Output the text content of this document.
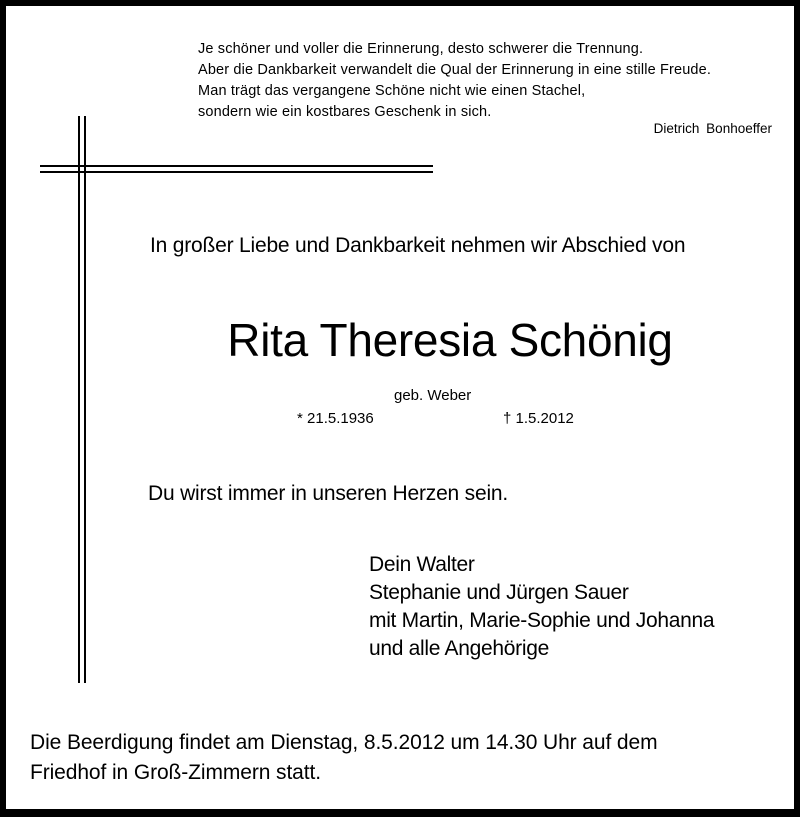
Je schöner und voller die Erinnerung, desto schwerer die Trennung.
Aber die Dankbarkeit verwandelt die Qual der Erinnerung in eine stille Freude.
Man trägt das vergangene Schöne nicht wie einen Stachel,
sondern wie ein kostbares Geschenk in sich.
Dietrich Bonhoeffer
In großer Liebe und Dankbarkeit nehmen wir Abschied von
Rita Theresia Schönig
geb. Weber
* 21.5.1936	† 1.5.2012
Du wirst immer in unseren Herzen sein.
Dein Walter
Stephanie und Jürgen Sauer
mit Martin, Marie-Sophie und Johanna
und alle Angehörige
Die Beerdigung findet am Dienstag, 8.5.2012 um 14.30 Uhr auf dem
Friedhof in Groß-Zimmern statt.
